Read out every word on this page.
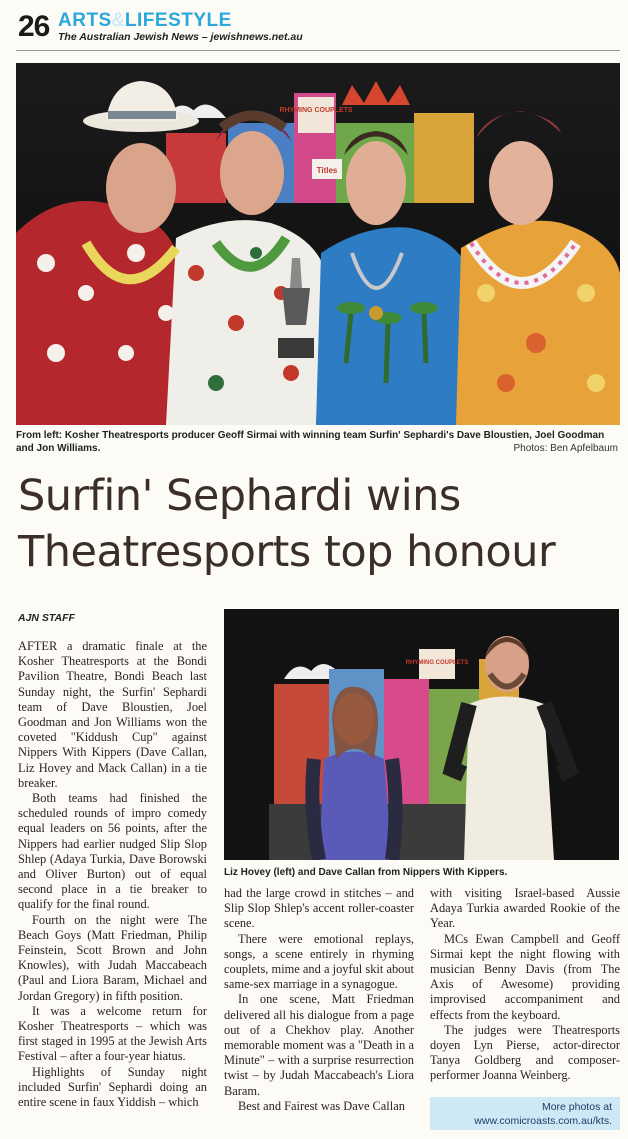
26 ARTS&LIFESTYLE
The Australian Jewish News – jewishnews.net.au
RHYMING COUPLETS
Titles
From left: Kosher Theatresports producer Geoff Sirmai with winning team Surfin' Sephardi's Dave Bloustien, Joel Goodman and Jon Williams.	Photos: Ben Apfelbaum
Surfin' Sephardi wins Theatresports top honour
AJN STAFF
RHYMING COUPLETS
Liz Hovey (left) and Dave Callan from Nippers With Kippers.

AFTER a dramatic finale at the Kosher Theatresports at the Bondi Pavilion Theatre, Bondi Beach last Sunday night, the Surfin' Sephardi team of Dave Bloustien, Joel Goodman and Jon Williams won the coveted "Kiddush Cup" against Nippers With Kippers (Dave Callan, Liz Hovey and Mack Callan) in a tie breaker.

Both teams had finished the scheduled rounds of impro comedy equal leaders on 56 points, after the Nippers had earlier nudged Slip Slop Shlep (Adaya Turkia, Dave Borowski and Oliver Burton) out of equal second place in a tie breaker to qualify for the final round.

Fourth on the night were The Beach Goys (Matt Friedman, Philip Feinstein, Scott Brown and John Knowles), with Judah Maccabeach (Paul and Liora Baram, Michael and Jordan Gregory) in fifth position.

It was a welcome return for Kosher Theatresports – which was first staged in 1995 at the Jewish Arts Festival – after a four-year hiatus.

Highlights of Sunday night included Surfin' Sephardi doing an entire scene in faux Yiddish – which

had the large crowd in stitches – and Slip Slop Shlep's accent roller-coaster scene.

There were emotional replays, songs, a scene entirely in rhyming couplets, mime and a joyful skit about same-sex marriage in a synagogue.

In one scene, Matt Friedman delivered all his dialogue from a page out of a Chekhov play. Another memorable moment was a "Death in a Minute" – with a surprise resurrection twist – by Judah Maccabeach's Liora Baram.

Best and Fairest was Dave Callan

with visiting Israel-based Aussie Adaya Turkia awarded Rookie of the Year.

MCs Ewan Campbell and Geoff Sirmai kept the night flowing with musician Benny Davis (from The Axis of Awesome) providing improvised accompaniment and effects from the keyboard.

The judges were Theatresports doyen Lyn Pierse, actor-director Tanya Goldberg and composer-performer Joanna Weinberg.

More photos at
www.comicroasts.com.au/kts.
